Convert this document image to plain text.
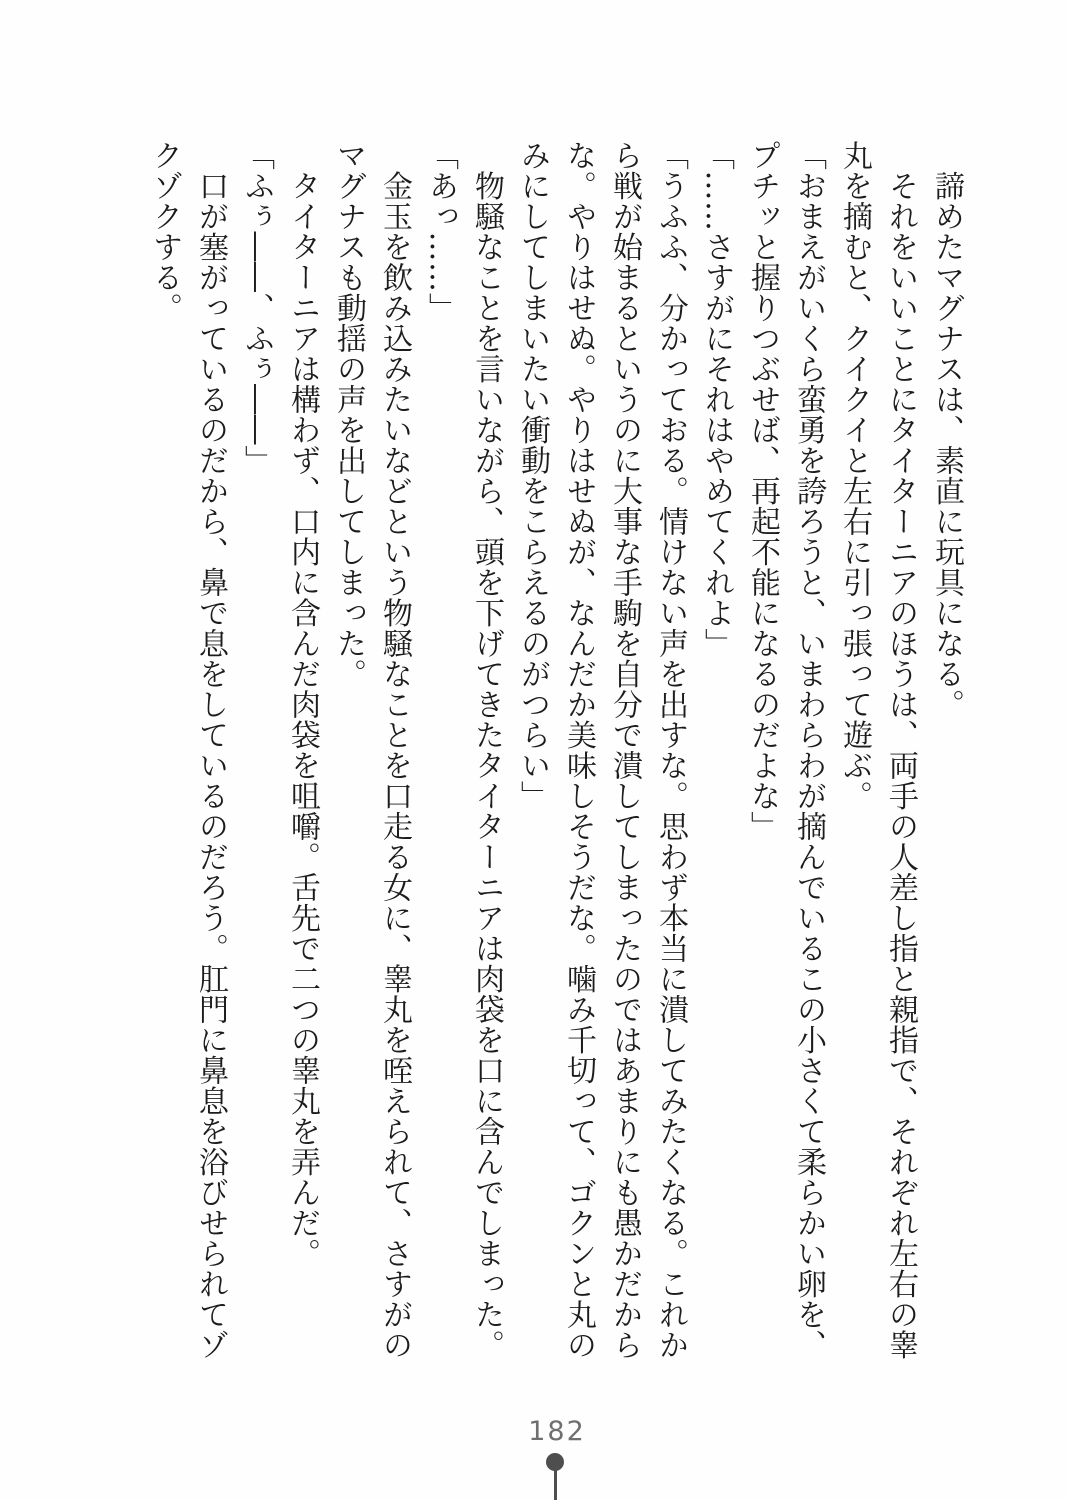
　諦めたマグナスは、素直に玩具になる。

　それをいいことにタイターニアのほうは、両手の人差し指と親指で、それぞれ左右の睾丸を摘むと、クイクイと左右に引っ張って遊ぶ。

「おまえがいくら蛮勇を誇ろうと、いまわらわが摘んでいるこの小さくて柔らかい卵を、プチッと握りつぶせば、再起不能になるのだよな」

「……さすがにそれはやめてくれよ」

「うふふ、分かっておる。情けない声を出すな。思わず本当に潰してみたくなる。これから戦が始まるというのに大事な手駒を自分で潰してしまったのではあまりにも愚かだからな。やりはせぬ。やりはせぬが、なんだか美味しそうだな。噛み千切って、ゴクンと丸のみにしてしまいたい衝動をこらえるのがつらい」

　物騒なことを言いながら、頭を下げてきたタイターニアは肉袋を口に含んでしまった。

「あっ……」

　金玉を飲み込みたいなどという物騒なことを口走る女に、睾丸を咥えられて、さすがのマグナスも動揺の声を出してしまった。

　タイターニアは構わず、口内に含んだ肉袋を咀嚼。舌先で二つの睾丸を弄んだ。

「ふぅ――、ふぅ――」

　口が塞がっているのだから、鼻で息をしているのだろう。肛門に鼻息を浴びせられてゾクゾクする。

182
